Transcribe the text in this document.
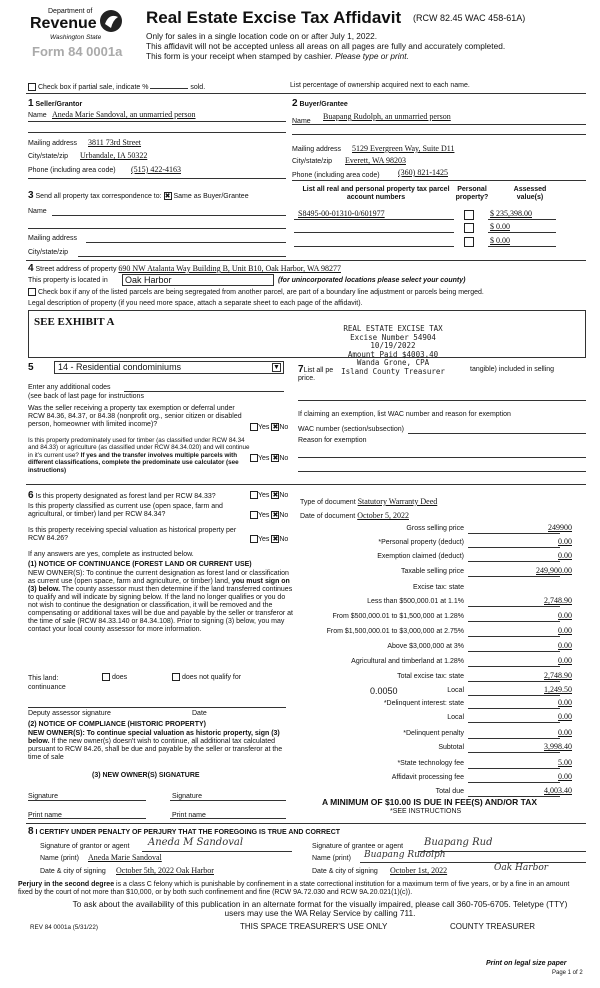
Department of
Revenue
Washington State
Form 84 0001a
Real Estate Excise Tax Affidavit (RCW 82.45 WAC 458-61A)
Only for sales in a single location code on or after July 1, 2022.
This affidavit will not be accepted unless all areas on all pages are fully and accurately completed.
This form is your receipt when stamped by cashier. Please type or print.
Check box if partial sale, indicate %	sold.	List percentage of ownership acquired next to each name.
1 Seller/Grantor
Name Aneda Marie Sandoval, an unmarried person
Mailing address 3811 73rd Street
City/state/zip Urbandale, IA 50322
Phone (including area code) (515) 422-4163
2 Buyer/Grantee
Name
Buapang Rudolph, an unmarried person
Mailing address 5129 Evergreen Way, Suite D11
City/state/zip Everett, WA 98203
Phone (including area code) (360) 821-1425
3 Send all property tax correspondence to: ✖ Same as Buyer/Grantee
Name
Mailing address
City/state/zip
List all real and personal property tax parcel account numbers
Personal property?
Assessed value(s)
S8495-00-01310-0/601977	$ 235,398.00
$ 0.00
$ 0.00
4 Street address of property 690 NW Atalanta Way Building B, Unit B10, Oak Harbor, WA 98277
This property is located in	Oak Harbor	(for unincorporated locations please select your county)
Check box if any of the listed parcels are being segregated from another parcel, are part of a boundary line adjustment or parcels being merged.
Legal description of property (if you need more space, attach a separate sheet to each page of the affidavit).
SEE EXHIBIT A
REAL ESTATE EXCISE TAX
Excise Number 54904
10/19/2022
Amount Paid $4003.40
Wanda Grone, CPA
Island County Treasurer
5	14 - Residential condominiums	▼
Enter any additional codes
(see back of last page for instructions
Was the seller receiving a property tax exemption or deferral under RCW 84.36, 84.37, or 84.38 (nonprofit org., senior citizen or disabled person, homeowner with limited income)?	Yes ✖ No
Is this property predominately used for timber (as classified under RCW 84.34 and 84.33) or agriculture (as classified under RCW 84.34.020) and will continue in it's current use? If yes and the transfer involves multiple parcels with different classifications, complete the predominate use calculator (see instructions)
Yes ✖ No
7List all pe	tangible) included in selling
price.
If claiming an exemption, list WAC number and reason for exemption
WAC number (section/subsection)
Reason for exemption
6 Is this property designated as forest land per RCW 84.33?	Yes ✖ No
Is this property classified as current use (open space, farm and agricultural, or timber) land per RCW 84.34?	Yes ✖ No
Is this property receiving special valuation as historical property per RCW 84.26?	Yes ✖ No
If any answers are yes, complete as instructed below.
(1) NOTICE OF CONTINUANCE (FOREST LAND OR CURRENT USE)
NEW OWNER(S): To continue the current designation as forest land or classification as current use (open space, farm and agriculture, or timber) land, you must sign on (3) below. The county assessor must then determine if the land transferred continues to qualify and will indicate by signing below. If the land no longer qualifies or you do not wish to continue the designation or classification, it will be removed and the compensating or additional taxes will be due and payable by the seller or transferor at the time of sale (RCW 84.33.140 or 84.34.108). Prior to signing (3) below, you may contact your local county assessor for more information.
This land:
continuance
does	does not qualify for
Deputy assessor signature	Date
(2) NOTICE OF COMPLIANCE (HISTORIC PROPERTY)
NEW OWNER(S): To continue special valuation as historic property, sign (3) below. If the new owner(s) doesn't wish to continue, all additional tax calculated pursuant to RCW 84.26, shall be due and payable by the seller or transferor at the time of sale
(3) NEW OWNER(S) SIGNATURE
Signature	Signature
Print name	Print name
Type of document Statutory Warranty Deed
Date of document October 5, 2022
Gross selling price	249900
*Personal property (deduct)	0.00
Exemption claimed (deduct)	0.00
Taxable selling price	249,900.00
Excise tax: state
Less than $500,000.01 at 1.1%	2,748.90
From $500,000.01 to $1,500,000 at 1.28%	0.00
From $1,500,000.01 to $3,000,000 at 2.75%	0.00
Above $3,000,000 at 3%	0.00
Agricultural and timberland at 1.28%	0.00
Total excise tax: state	2,748.90
Local	1,249.50
*Delinquent interest: state	0.00
Local	0.00
*Delinquent penalty	0.00
Subtotal	3,998.40
*State technology fee	5.00
Affidavit processing fee	0.00
Total due	4,003.40
0.0050
A MINIMUM OF $10.00 IS DUE IN FEE(S) AND/OR TAX
*SEE INSTRUCTIONS
8 I CERTIFY UNDER PENALTY OF PERJURY THAT THE FOREGOING IS TRUE AND CORRECT
Signature of grantor or agent Aneda M Sandoval
Name (print) Aneda Marie Sandoval
Date & city of signing October 5th, 2022 Oak Harbor
Signature of grantee or agent Buapang Rud
Name (print) Buapang Rudolph
Date & city of signing October 1st, 2022	Oak Harbor
Perjury in the second degree is a class C felony which is punishable by confinement in a state correctional institution for a maximum term of five years, or by a fine in an amount fixed by the court of not more than $10,000, or by both such confinement and fine (RCW 9A.72.030 and RCW 9A.20.021(1)(c)).
To ask about the availability of this publication in an alternate format for the visually impaired, please call 360-705-6705. Teletype (TTY) users may use the WA Relay Service by calling 711.
REV 84 0001a (5/31/22)	THIS SPACE TREASURER'S USE ONLY	COUNTY TREASURER
Print on legal size paper
Page 1 of 2
